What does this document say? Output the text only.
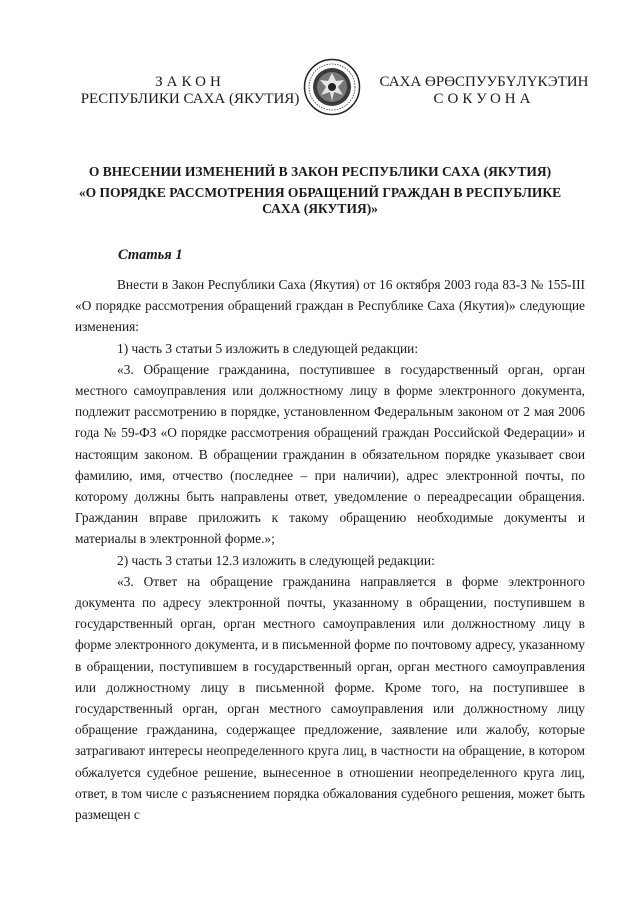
ЗАКОН
РЕСПУБЛИКИ САХА (ЯКУТИЯ)
САХА ӨРӨСПУУБҮЛҮКЭТИН
СОКУОНА
О ВНЕСЕНИИ ИЗМЕНЕНИЙ В ЗАКОН РЕСПУБЛИКИ САХА (ЯКУТИЯ)
«О ПОРЯДКЕ РАССМОТРЕНИЯ ОБРАЩЕНИЙ ГРАЖДАН В РЕСПУБЛИКЕ САХА (ЯКУТИЯ)»
Статья 1

Внести в Закон Республики Саха (Якутия) от 16 октября 2003 года 83-З № 155-III «О порядке рассмотрения обращений граждан в Республике Саха (Якутия)» следующие изменения:

1) часть 3 статьи 5 изложить в следующей редакции:

«3. Обращение гражданина, поступившее в государственный орган, орган местного самоуправления или должностному лицу в форме электронного документа, подлежит рассмотрению в порядке, установленном Федеральным законом от 2 мая 2006 года № 59-ФЗ «О порядке рассмотрения обращений граждан Российской Федерации» и настоящим законом. В обращении гражданин в обязательном порядке указывает свои фамилию, имя, отчество (последнее – при наличии), адрес электронной почты, по которому должны быть направлены ответ, уведомление о переадресации обращения. Гражданин вправе приложить к такому обращению необходимые документы и материалы в электронной форме.»;

2) часть 3 статьи 12.3 изложить в следующей редакции:

«3. Ответ на обращение гражданина направляется в форме электронного документа по адресу электронной почты, указанному в обращении, поступившем в государственный орган, орган местного самоуправления или должностному лицу в форме электронного документа, и в письменной форме по почтовому адресу, указанному в обращении, поступившем в государственный орган, орган местного самоуправления или должностному лицу в письменной форме. Кроме того, на поступившее в государственный орган, орган местного самоуправления или должностному лицу обращение гражданина, содержащее предложение, заявление или жалобу, которые затрагивают интересы неопределенного круга лиц, в частности на обращение, в котором обжалуется судебное решение, вынесенное в отношении неопределенного круга лиц, ответ, в том числе с разъяснением порядка обжалования судебного решения, может быть размещен с
